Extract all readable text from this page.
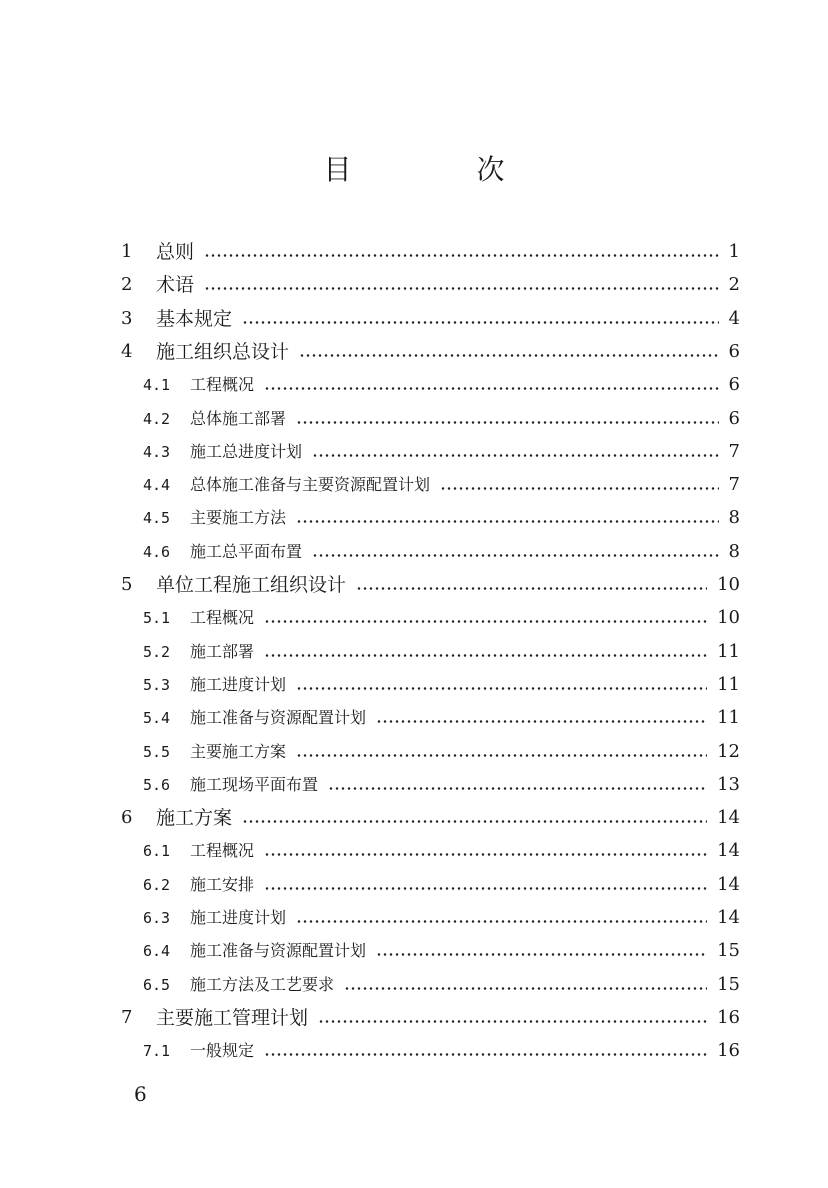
目 次
1 总则	1
2 术语	2
3 基本规定	4
4 施工组织总设计	6
4.1 工程概况	6
4.2 总体施工部署	6
4.3 施工总进度计划	7
4.4 总体施工准备与主要资源配置计划	7
4.5 主要施工方法	8
4.6 施工总平面布置	8
5 单位工程施工组织设计	10
5.1 工程概况	10
5.2 施工部署	11
5.3 施工进度计划	11
5.4 施工准备与资源配置计划	11
5.5 主要施工方案	12
5.6 施工现场平面布置	13
6 施工方案	14
6.1 工程概况	14
6.2 施工安排	14
6.3 施工进度计划	14
6.4 施工准备与资源配置计划	15
6.5 施工方法及工艺要求	15
7 主要施工管理计划	16
7.1 一般规定	16
6
